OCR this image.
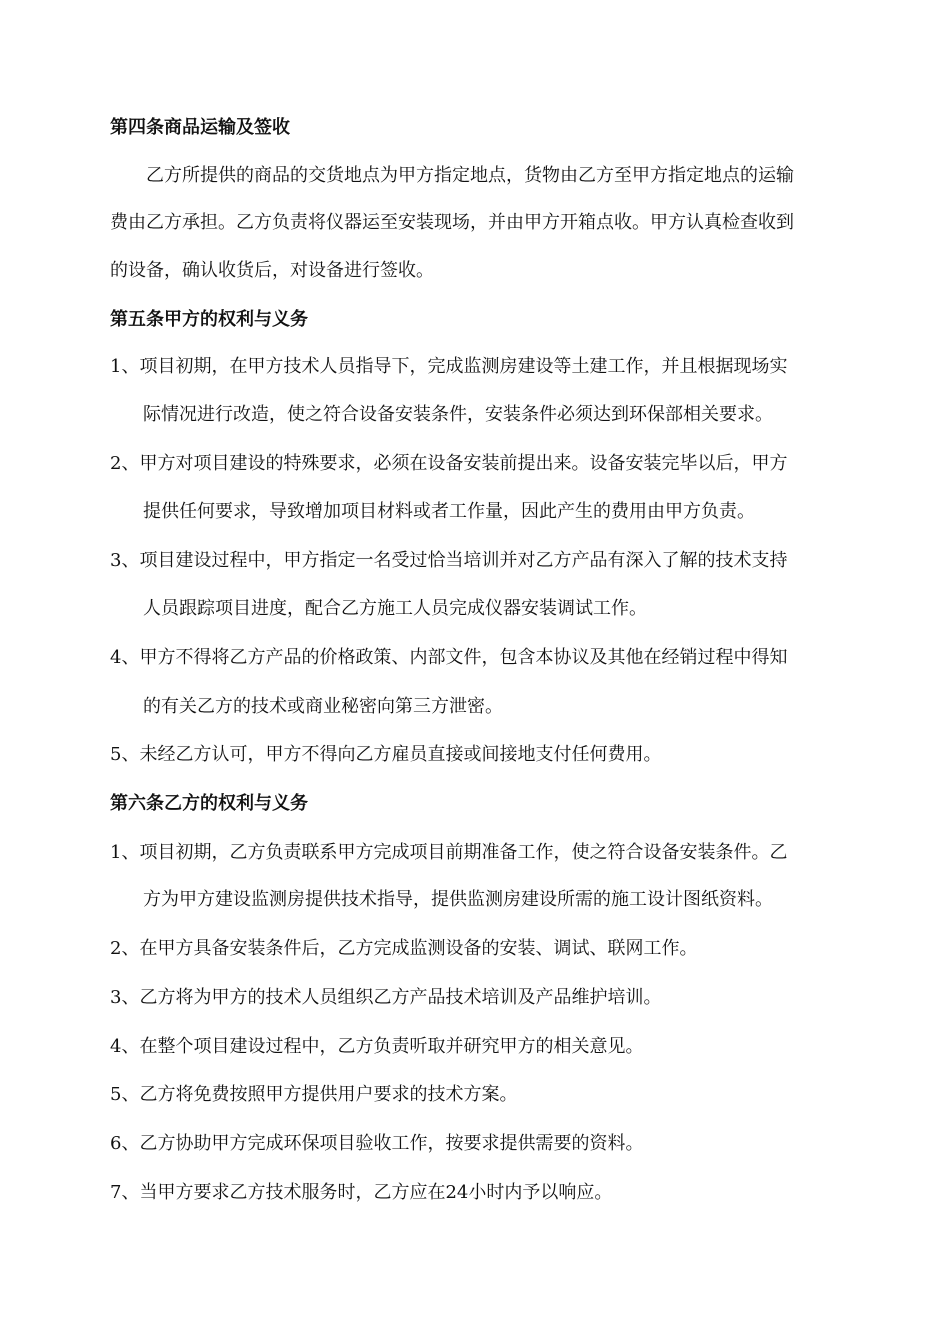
第四条商品运输及签收
乙方所提供的商品的交货地点为甲方指定地点，货物由乙方至甲方指定地点的运输
费由乙方承担。乙方负责将仪器运至安装现场，并由甲方开箱点收。甲方认真检查收到
的设备，确认收货后，对设备进行签收。
第五条甲方的权利与义务
1、项目初期，在甲方技术人员指导下，完成监测房建设等土建工作，并且根据现场实
际情况进行改造，使之符合设备安装条件，安装条件必须达到环保部相关要求。
2、甲方对项目建设的特殊要求，必须在设备安装前提出来。设备安装完毕以后，甲方
提供任何要求，导致增加项目材料或者工作量，因此产生的费用由甲方负责。
3、项目建设过程中，甲方指定一名受过恰当培训并对乙方产品有深入了解的技术支持
人员跟踪项目进度，配合乙方施工人员完成仪器安装调试工作。
4、甲方不得将乙方产品的价格政策、内部文件，包含本协议及其他在经销过程中得知
的有关乙方的技术或商业秘密向第三方泄密。
5、未经乙方认可，甲方不得向乙方雇员直接或间接地支付任何费用。
第六条乙方的权利与义务
1、项目初期，乙方负责联系甲方完成项目前期准备工作，使之符合设备安装条件。乙
方为甲方建设监测房提供技术指导，提供监测房建设所需的施工设计图纸资料。
2、在甲方具备安装条件后，乙方完成监测设备的安装、调试、联网工作。
3、乙方将为甲方的技术人员组织乙方产品技术培训及产品维护培训。
4、在整个项目建设过程中，乙方负责听取并研究甲方的相关意见。
5、乙方将免费按照甲方提供用户要求的技术方案。
6、乙方协助甲方完成环保项目验收工作，按要求提供需要的资料。
7、当甲方要求乙方技术服务时，乙方应在24小时内予以响应。
